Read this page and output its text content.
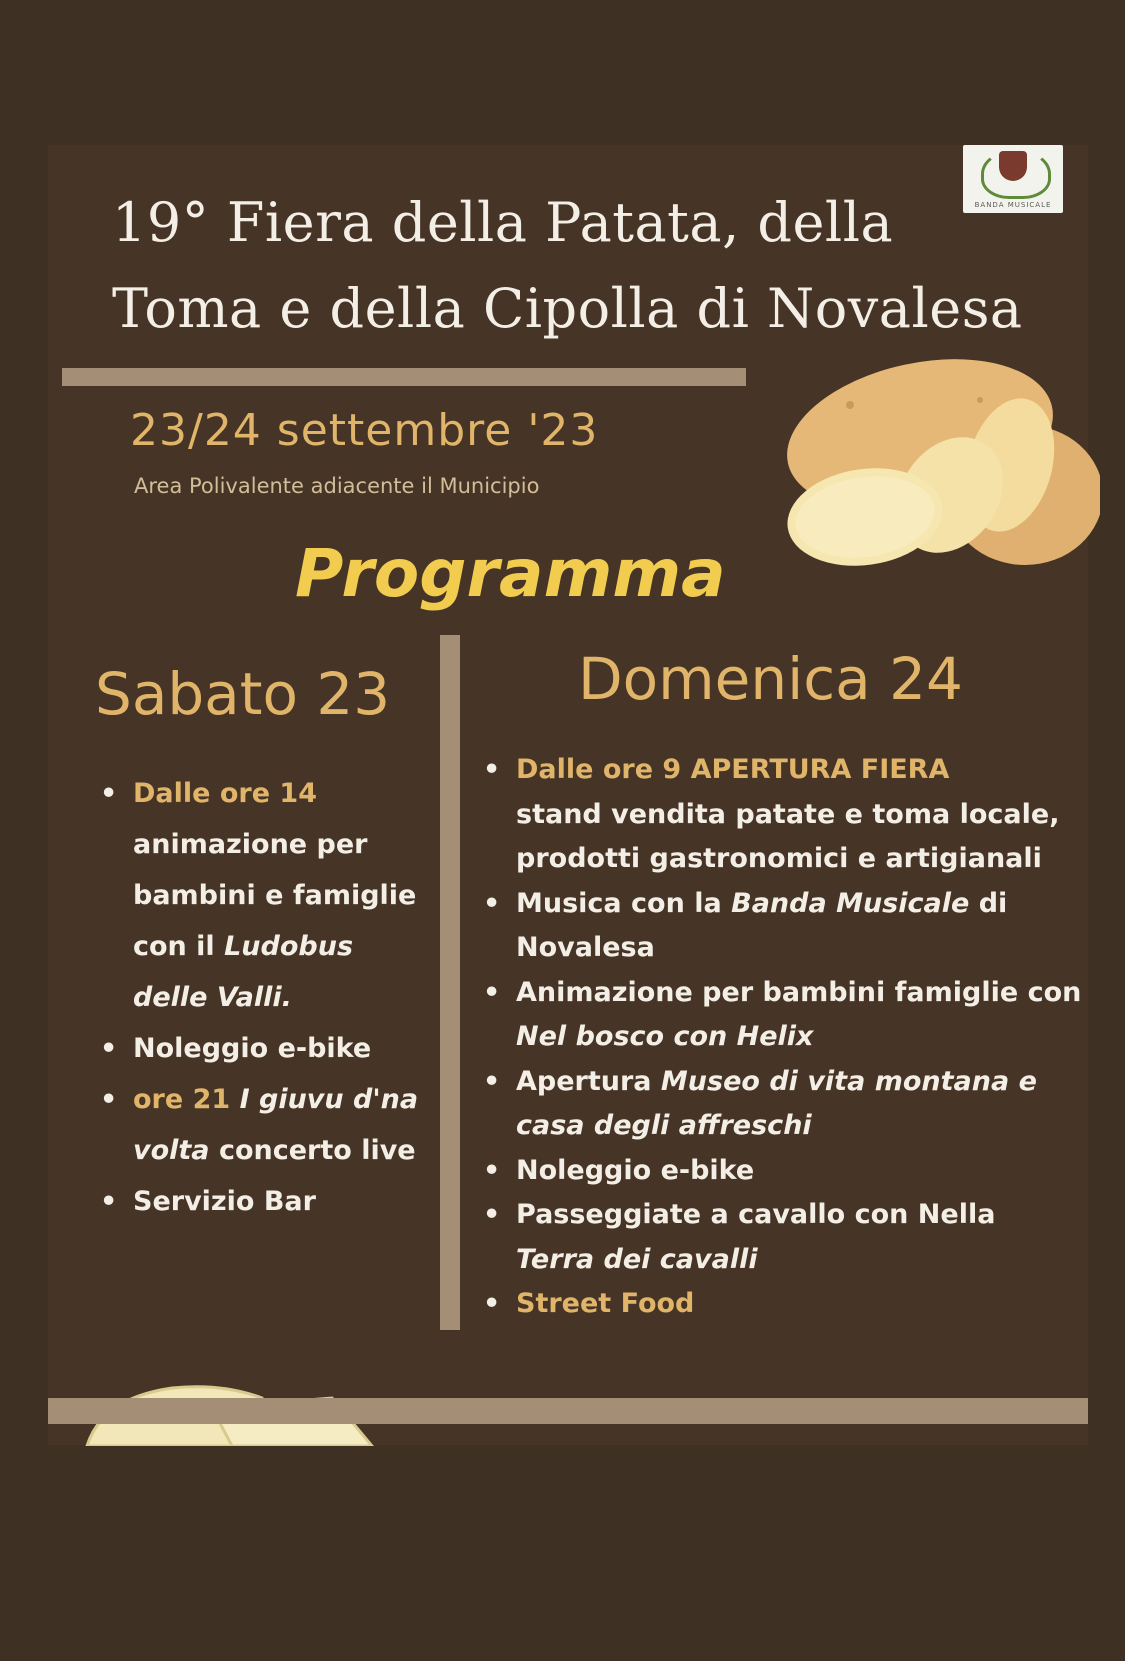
BANDA MUSICALE
19° Fiera della Patata, della
Toma e della Cipolla di Novalesa
23/24 settembre '23
Area Polivalente adiacente il Municipio
Programma
Sabato 23	Domenica 24
• Dalle ore 14
animazione per bambini e famiglie con il Ludobus delle Valli.
• Noleggio e-bike
• ore 21 I giuvu d'na volta concerto live
• Servizio Bar
• Dalle ore 9 APERTURA FIERA
stand vendita patate e toma locale, prodotti gastronomici e artigianali
• Musica con la Banda Musicale di Novalesa
• Animazione per bambini famiglie con Nel bosco con Helix
• Apertura Museo di vita montana e casa degli affreschi
• Noleggio e-bike
• Passeggiate a cavallo con Nella
Terra dei cavalli
• Street Food
